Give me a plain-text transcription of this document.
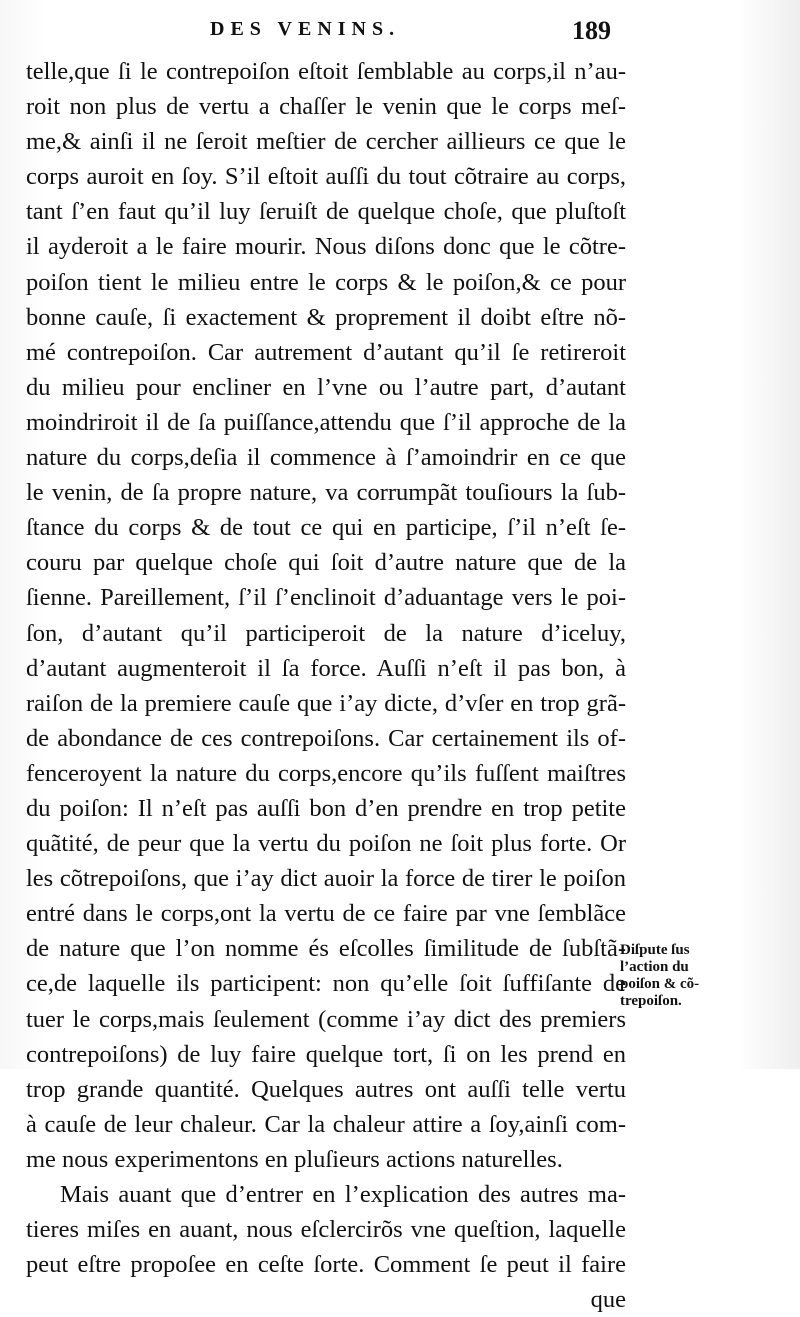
DES VENINS.	189
telle,que ſi le contrepoiſon eſtoit ſemblable au corps,il n’au-
roit non plus de vertu a chaſſer le venin que le corps meſ-
me,& ainſi il ne ſeroit meſtier de cercher aillieurs ce que le
corps auroit en ſoy. S’il eſtoit auſſi du tout cõtraire au corps,
tant ſ’en faut qu’il luy ſeruiſt de quelque choſe, que pluſtoſt
il ayderoit a le faire mourir. Nous diſons donc que le cõtre-
poiſon tient le milieu entre le corps & le poiſon,& ce pour
bonne cauſe, ſi exactement & proprement il doibt eſtre nõ-
mé contrepoiſon. Car autrement d’autant qu’il ſe retireroit
du milieu pour encliner en l’vne ou l’autre part, d’autant
moindriroit il de ſa puiſſance,attendu que ſ’il approche de la
nature du corps,deſia il commence à ſ’amoindrir en ce que
le venin, de ſa propre nature, va corrumpãt touſiours la ſub-
ſtance du corps & de tout ce qui en participe, ſ’il n’eſt ſe-
couru par quelque choſe qui ſoit d’autre nature que de la
ſienne. Pareillement, ſ’il ſ’enclinoit d’aduantage vers le poi-
ſon, d’autant qu’il participeroit de la nature d’iceluy,
d’autant augmenteroit il ſa force. Auſſi n’eſt il pas bon, à
raiſon de la premiere cauſe que i’ay dicte, d’vſer en trop grã-
de abondance de ces contrepoiſons. Car certainement ils of-
fenceroyent la nature du corps,encore qu’ils fuſſent maiſtres
du poiſon: Il n’eſt pas auſſi bon d’en prendre en trop petite
quãtité, de peur que la vertu du poiſon ne ſoit plus forte. Or
les cõtrepoiſons, que i’ay dict auoir la force de tirer le poiſon
entré dans le corps,ont la vertu de ce faire par vne ſemblãce
de nature que l’on nomme és eſcolles ſimilitude de ſubſtã-
ce,de laquelle ils participent: non qu’elle ſoit ſuffiſante de
tuer le corps,mais ſeulement (comme i’ay dict des premiers
contrepoiſons) de luy faire quelque tort, ſi on les prend en
trop grande quantité. Quelques autres ont auſſi telle vertu
à cauſe de leur chaleur. Car la chaleur attire a ſoy,ainſi com-
me nous experimentons en pluſieurs actions naturelles.
Mais auant que d’entrer en l’explication des autres ma-
tieres miſes en auant, nous eſclercirõs vne queſtion, laquelle
peut eſtre propoſee en ceſte ſorte. Comment ſe peut il faire
que
Diſpute ſus
l’action du
poiſon & cõ-
trepoiſon.
